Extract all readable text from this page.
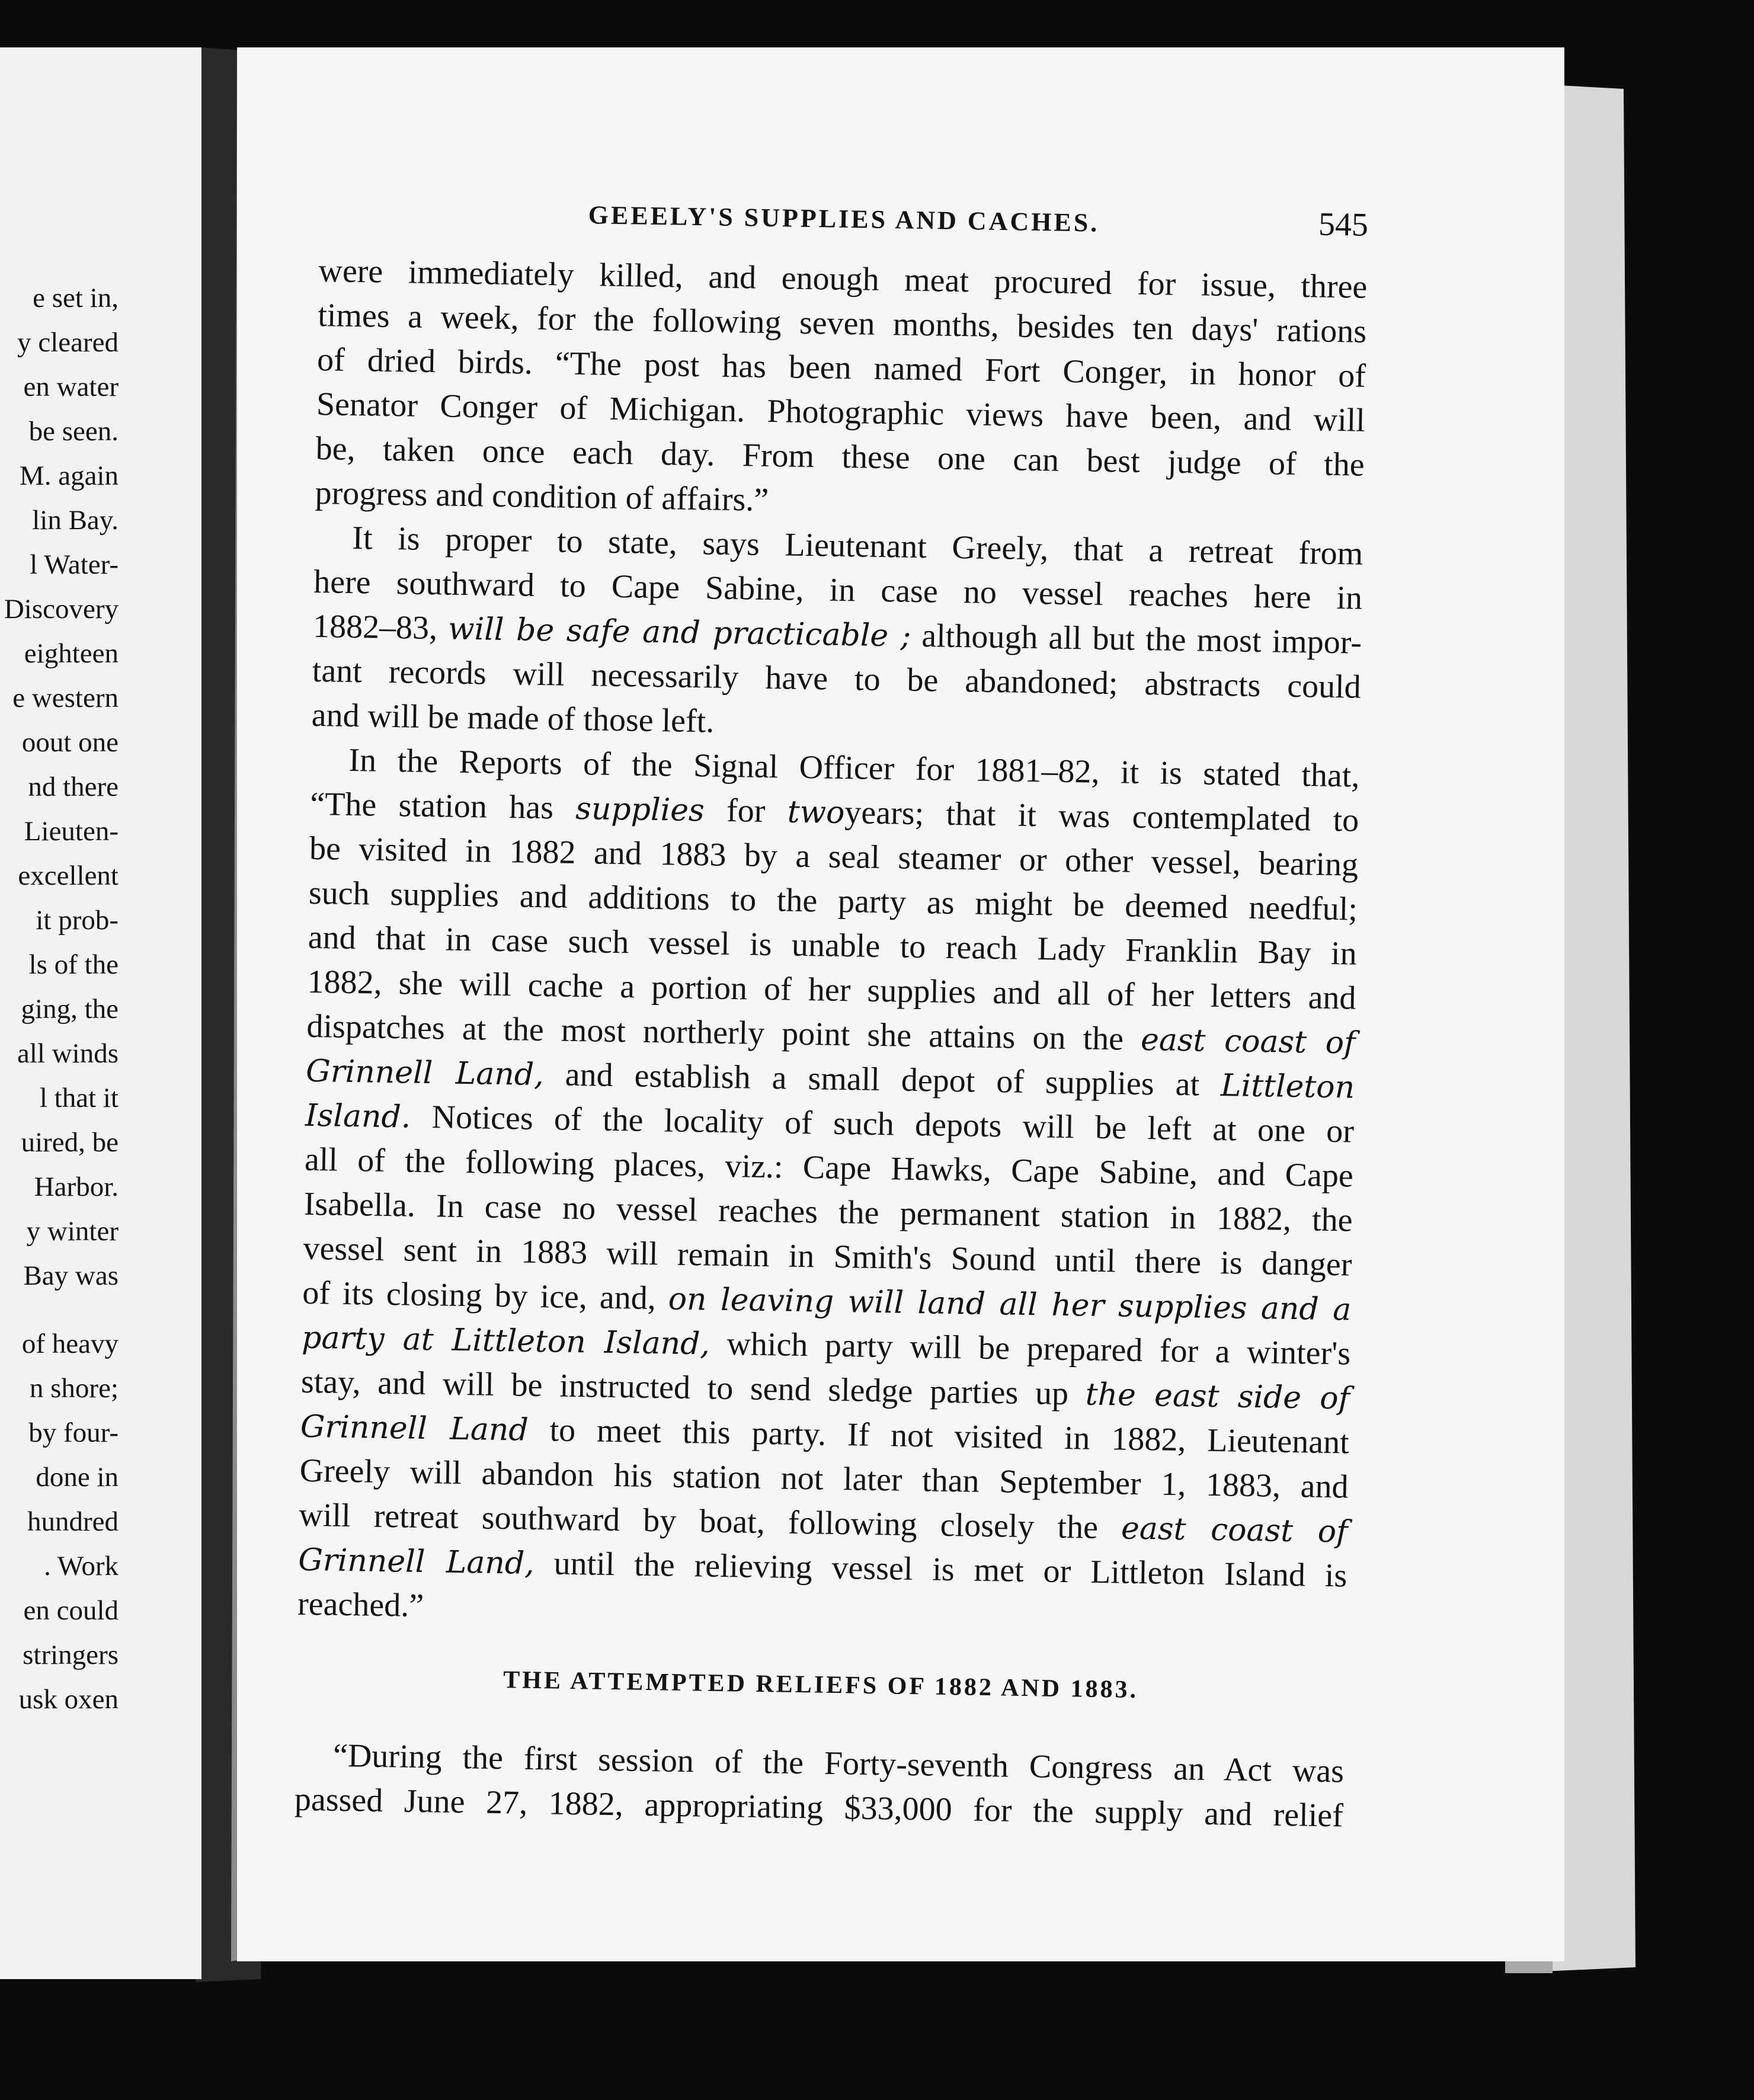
e set in,
y cleared
en water
be seen.
M. again
lin Bay.
l Water-
Discovery
eighteen
e western
oout one
nd there
Lieuten-
excellent
it prob-
ls of the
ging, the
all winds
l that it
uired, be
Harbor.
y winter
Bay was
of heavy
n shore;
by four-
done in
hundred
. Work
en could
stringers
usk oxen
GEEELY'S SUPPLIES AND CACHES.	545
were immediately killed, and enough meat procured for issue, three
times a week, for the following seven months, besides ten days' rations
of dried birds. “The post has been named Fort Conger, in honor of
Senator Conger of Michigan. Photographic views have been, and will
be, taken once each day. From these one can best judge of the
progress and condition of affairs.”
It is proper to state, says Lieutenant Greely, that a retreat from
here southward to Cape Sabine, in case no vessel reaches here in
1882–83, will be safe and practicable ; although all but the most impor-
tant records will necessarily have to be abandoned; abstracts could
and will be made of those left.
In the Reports of the Signal Officer for 1881–82, it is stated that,
“The station has supplies for twoyears; that it was contemplated to
be visited in 1882 and 1883 by a seal steamer or other vessel, bearing
such supplies and additions to the party as might be deemed needful;
and that in case such vessel is unable to reach Lady Franklin Bay in
1882, she will cache a portion of her supplies and all of her letters and
dispatches at the most northerly point she attains on the east coast of
Grinnell Land, and establish a small depot of supplies at Littleton
Island. Notices of the locality of such depots will be left at one or
all of the following places, viz.: Cape Hawks, Cape Sabine, and Cape
Isabella. In case no vessel reaches the permanent station in 1882, the
vessel sent in 1883 will remain in Smith's Sound until there is danger
of its closing by ice, and, on leaving will land all her supplies and a
party at Littleton Island, which party will be prepared for a winter's
stay, and will be instructed to send sledge parties up the east side of
Grinnell Land to meet this party. If not visited in 1882, Lieutenant
Greely will abandon his station not later than September 1, 1883, and
will retreat southward by boat, following closely the east coast of
Grinnell Land, until the relieving vessel is met or Littleton Island is
reached.”
THE ATTEMPTED RELIEFS OF 1882 AND 1883.
“During the first session of the Forty-seventh Congress an Act was
passed June 27, 1882, appropriating $33,000 for the supply and relief
